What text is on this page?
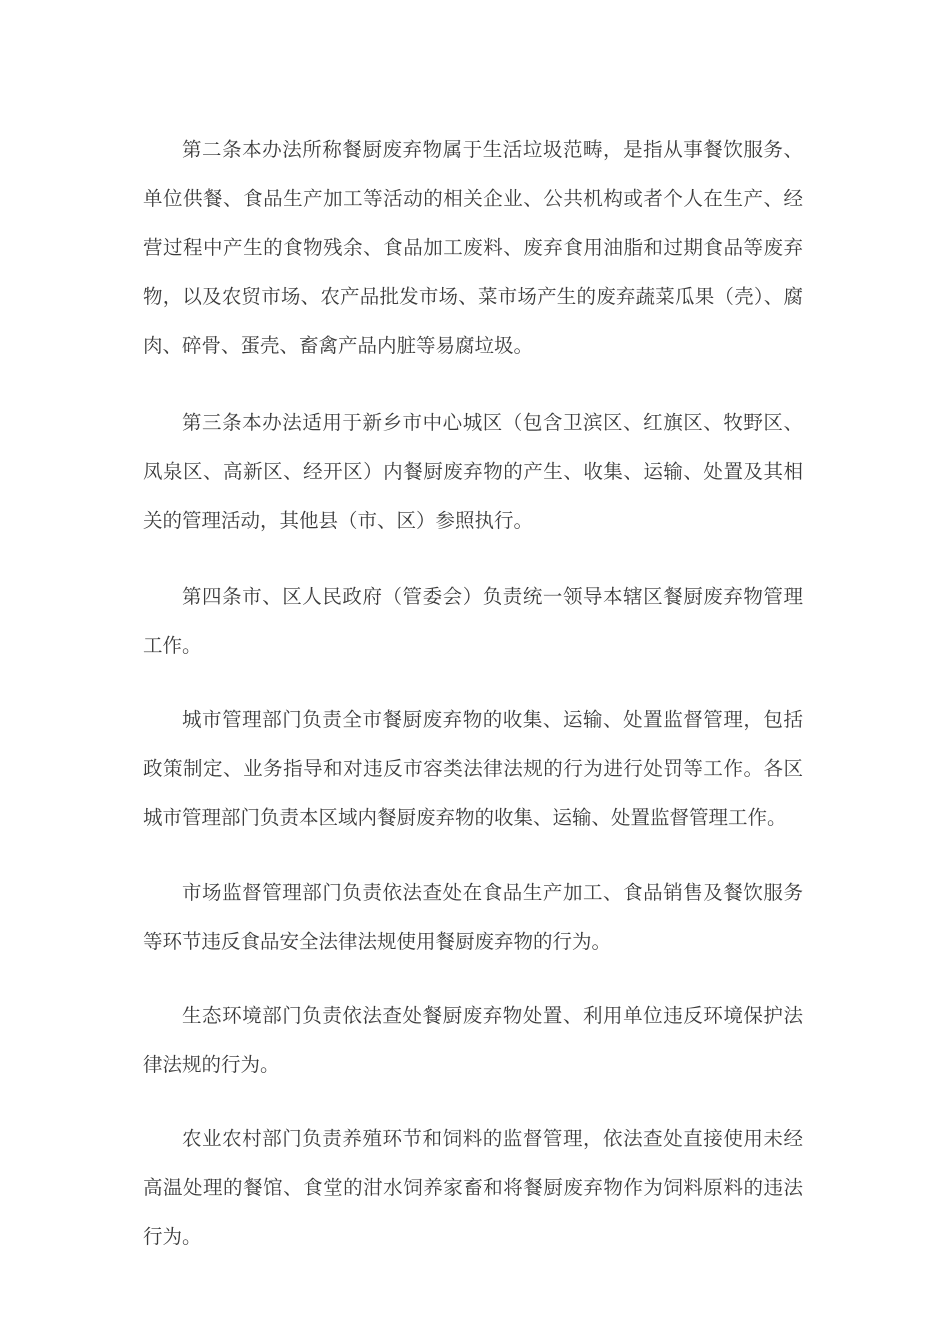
第二条本办法所称餐厨废弃物属于生活垃圾范畴，是指从事餐饮服务、单位供餐、食品生产加工等活动的相关企业、公共机构或者个人在生产、经营过程中产生的食物残余、食品加工废料、废弃食用油脂和过期食品等废弃物，以及农贸市场、农产品批发市场、菜市场产生的废弃蔬菜瓜果（壳）、腐肉、碎骨、蛋壳、畜禽产品内脏等易腐垃圾。

第三条本办法适用于新乡市中心城区（包含卫滨区、红旗区、牧野区、凤泉区、高新区、经开区）内餐厨废弃物的产生、收集、运输、处置及其相关的管理活动，其他县（市、区）参照执行。

第四条市、区人民政府（管委会）负责统一领导本辖区餐厨废弃物管理工作。

城市管理部门负责全市餐厨废弃物的收集、运输、处置监督管理，包括政策制定、业务指导和对违反市容类法律法规的行为进行处罚等工作。各区城市管理部门负责本区域内餐厨废弃物的收集、运输、处置监督管理工作。

市场监督管理部门负责依法查处在食品生产加工、食品销售及餐饮服务等环节违反食品安全法律法规使用餐厨废弃物的行为。

生态环境部门负责依法查处餐厨废弃物处置、利用单位违反环境保护法律法规的行为。

农业农村部门负责养殖环节和饲料的监督管理，依法查处直接使用未经高温处理的餐馆、食堂的泔水饲养家畜和将餐厨废弃物作为饲料原料的违法行为。
